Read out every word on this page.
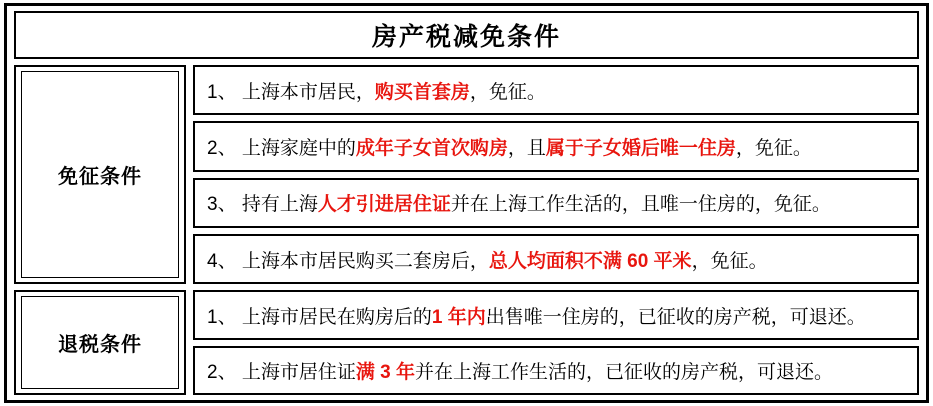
房产税减免条件
免征条件
1、 上海本市居民， 购买首套房 ，免征。
2、 上海家庭中的 成年子女首次购房 ，且 属于子女婚后唯一住房 ，免征。
3、 持有上海 人才引进居住证 并在上海工作生活的，且唯一住房的，免征。
4、 上海本市居民购买二套房后， 总人均面积不满 60 平米 ，免征。
退税条件
1、 上海市居民在购房后的 1 年内 出售唯一住房的，已征收的房产税，可退还。
2、 上海市居住证 满 3 年 并在上海工作生活的，已征收的房产税，可退还。
